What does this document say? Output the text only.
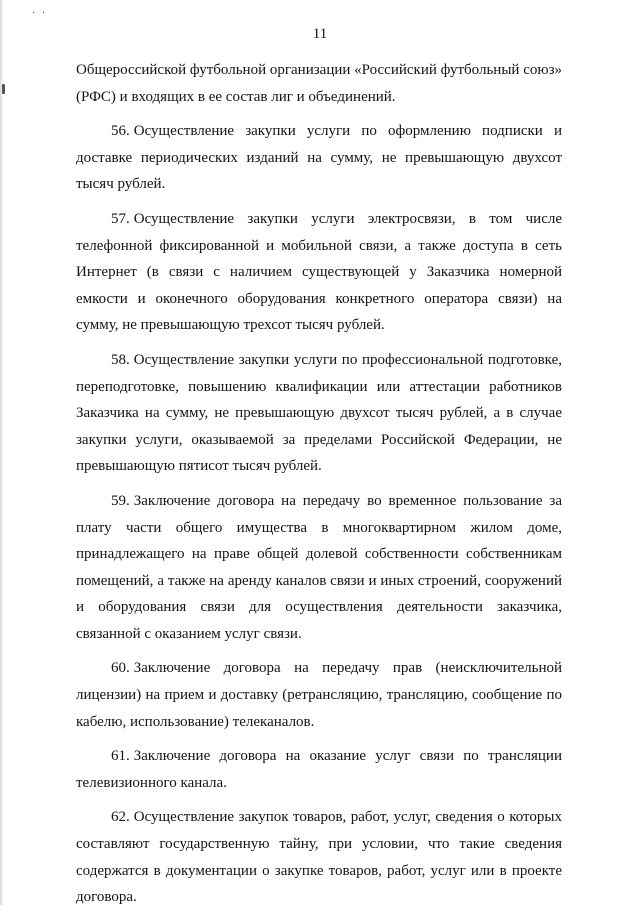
· ·
11

Общероссийской футбольной организации «Российский футбольный союз» (РФС) и входящих в ее состав лиг и объединений.

56. Осуществление закупки услуги по оформлению подписки и доставке периодических изданий на сумму, не превышающую двухсот тысяч рублей.

57. Осуществление закупки услуги электросвязи, в том числе телефонной фиксированной и мобильной связи, а также доступа в сеть Интернет (в связи с наличием существующей у Заказчика номерной емкости и оконечного оборудования конкретного оператора связи) на сумму, не превышающую трехсот тысяч рублей.

58. Осуществление закупки услуги по профессиональной подготовке, переподготовке, повышению квалификации или аттестации работников Заказчика на сумму, не превышающую двухсот тысяч рублей, а в случае закупки услуги, оказываемой за пределами Российской Федерации, не превышающую пятисот тысяч рублей.

59. Заключение договора на передачу во временное пользование за плату части общего имущества в многоквартирном жилом доме, принадлежащего на праве общей долевой собственности собственникам помещений, а также на аренду каналов связи и иных строений, сооружений и оборудования связи для осуществления деятельности заказчика, связанной с оказанием услуг связи.

60. Заключение договора на передачу прав (неисключительной лицензии) на прием и доставку (ретрансляцию, трансляцию, сообщение по кабелю, использование) телеканалов.

61. Заключение договора на оказание услуг связи по трансляции телевизионного канала.

62. Осуществление закупок товаров, работ, услуг, сведения о которых составляют государственную тайну, при условии, что такие сведения содержатся в документации о закупке товаров, работ, услуг или в проекте договора.
